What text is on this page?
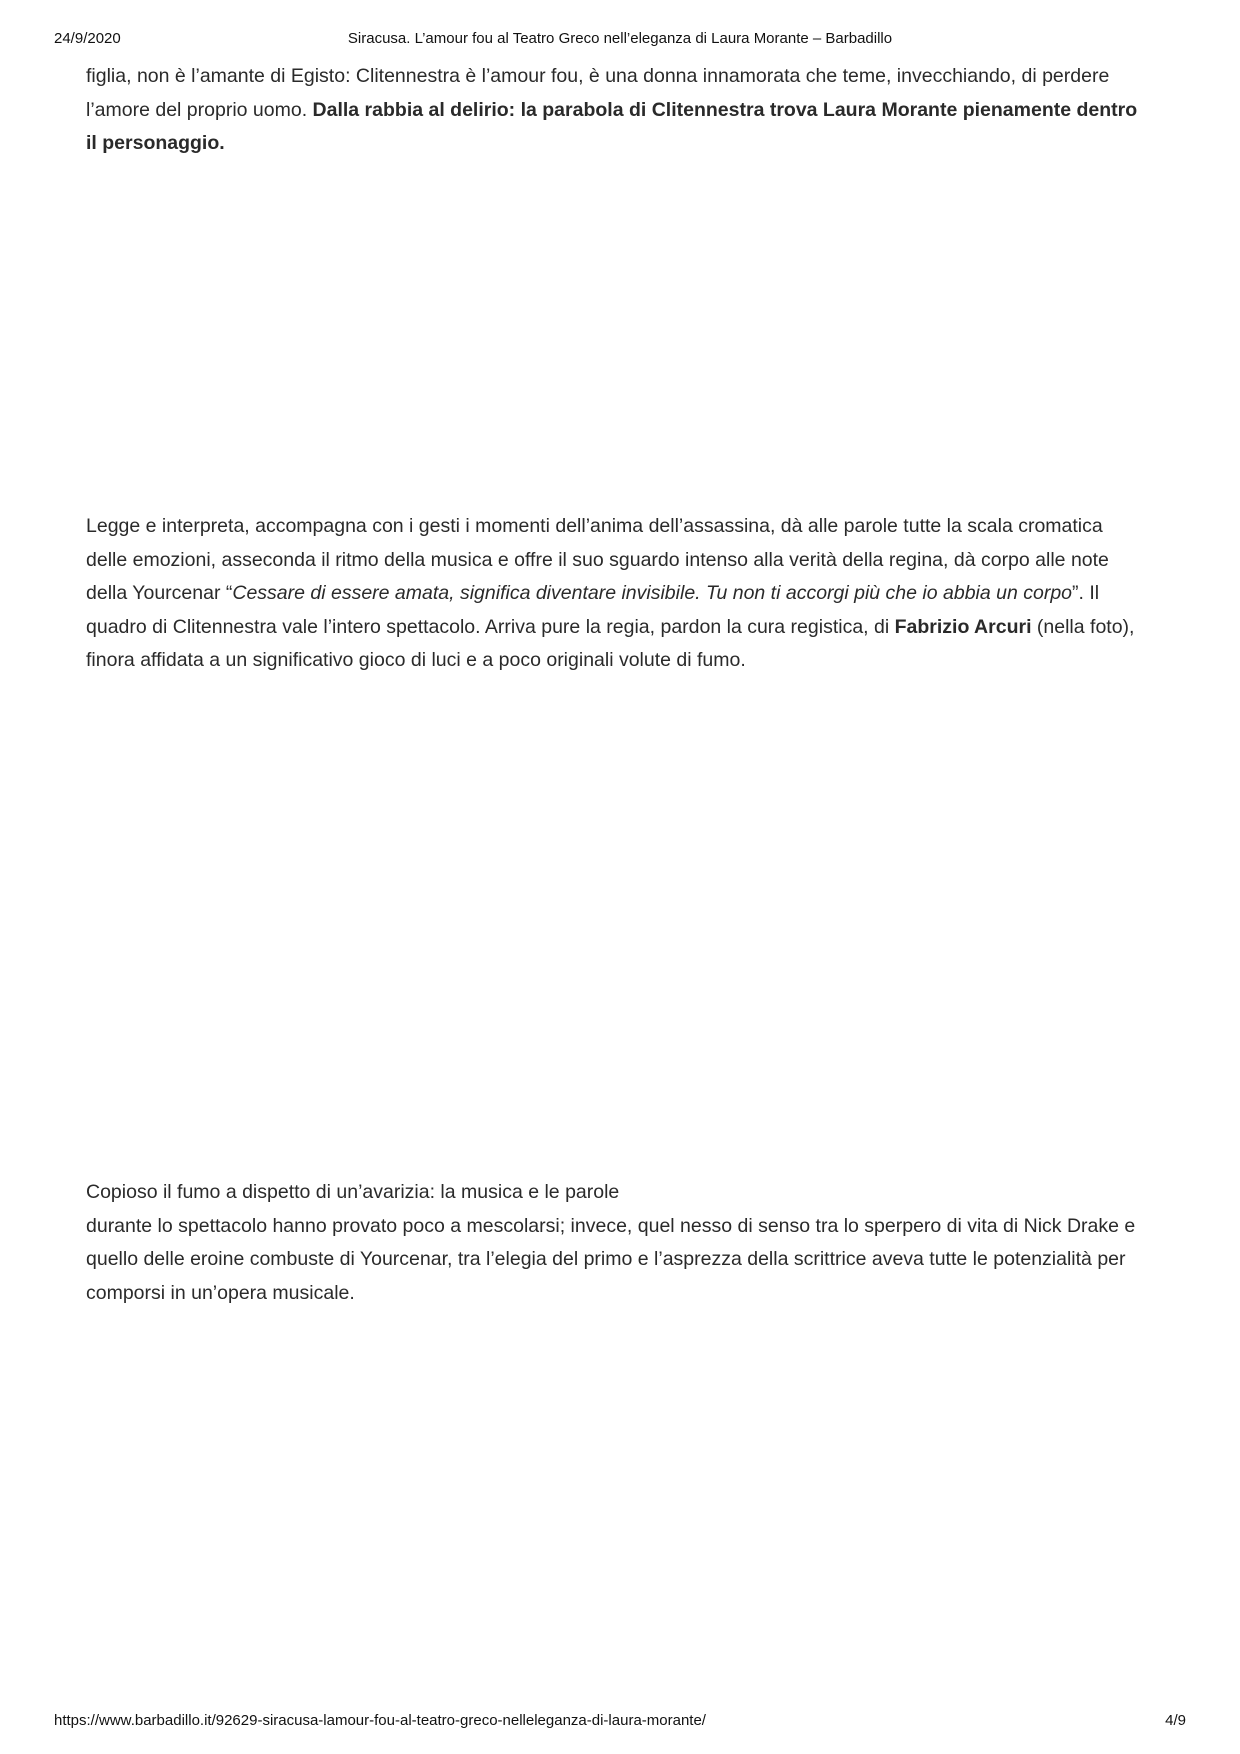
24/9/2020	Siracusa. L’amour fou al Teatro Greco nell’eleganza di Laura Morante – Barbadillo

figlia, non è l’amante di Egisto: Clitennestra è l’amour fou, è una donna innamorata che teme, invecchiando, di perdere l’amore del proprio uomo. Dalla rabbia al delirio: la parabola di Clitennestra trova Laura Morante pienamente dentro il personaggio.

Legge e interpreta, accompagna con i gesti i momenti dell’anima dell’assassina, dà alle parole tutte la scala cromatica delle emozioni, asseconda il ritmo della musica e offre il suo sguardo intenso alla verità della regina, dà corpo alle note della Yourcenar “Cessare di essere amata, significa diventare invisibile. Tu non ti accorgi più che io abbia un corpo”. Il quadro di Clitennestra vale l’intero spettacolo. Arriva pure la regia, pardon la cura registica, di Fabrizio Arcuri (nella foto), finora affidata a un significativo gioco di luci e a poco originali volute di fumo.

Copioso il fumo a dispetto di un’avarizia: la musica e le parole
durante lo spettacolo hanno provato poco a mescolarsi; invece, quel nesso di senso tra lo sperpero di vita di Nick Drake e quello delle eroine combuste di Yourcenar, tra l’elegia del primo e l’asprezza della scrittrice aveva tutte le potenzialità per comporsi in un’opera musicale.

https://www.barbadillo.it/92629-siracusa-lamour-fou-al-teatro-greco-nelleleganza-di-laura-morante/	4/9
